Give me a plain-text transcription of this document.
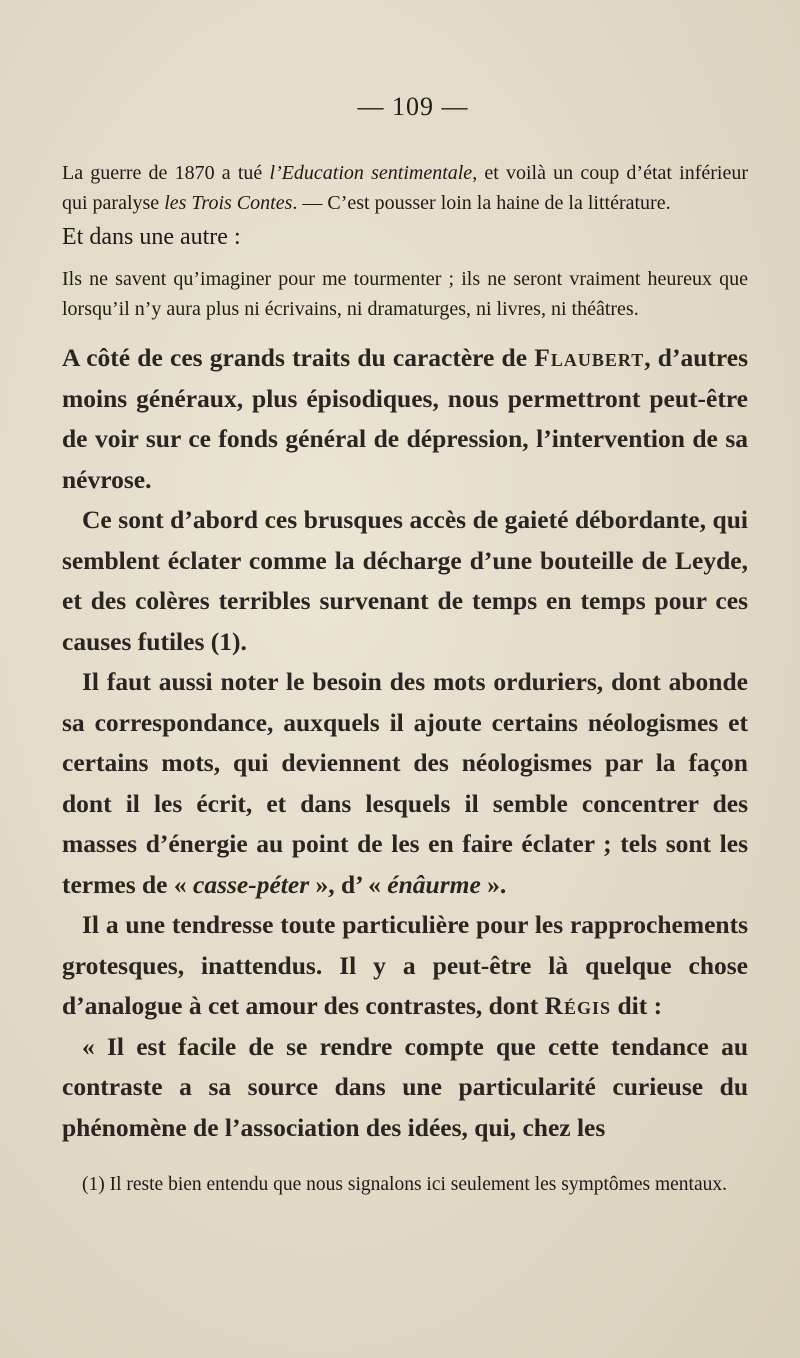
— 109 —

La guerre de 1870 a tué l’Education sentimentale, et voilà un coup d’état inférieur qui paralyse les Trois Contes. — C’est pousser loin la haine de la littérature.

Et dans une autre :

Ils ne savent qu’imaginer pour me tourmenter ; ils ne seront vraiment heureux que lorsqu’il n’y aura plus ni écrivains, ni dramaturges, ni livres, ni théâtres.

A côté de ces grands traits du caractère de Flaubert, d’autres moins généraux, plus épisodiques, nous permettront peut-être de voir sur ce fonds général de dépression, l’intervention de sa névrose.

Ce sont d’abord ces brusques accès de gaieté débordante, qui semblent éclater comme la décharge d’une bouteille de Leyde, et des colères terribles survenant de temps en temps pour ces causes futiles (1).

Il faut aussi noter le besoin des mots orduriers, dont abonde sa correspondance, auxquels il ajoute certains néologismes et certains mots, qui deviennent des néologismes par la façon dont il les écrit, et dans lesquels il semble concentrer des masses d’énergie au point de les en faire éclater ; tels sont les termes de « casse-péter », d’ « énâurme ».

Il a une tendresse toute particulière pour les rapprochements grotesques, inattendus. Il y a peut-être là quelque chose d’analogue à cet amour des contrastes, dont Régis dit :

« Il est facile de se rendre compte que cette tendance au contraste a sa source dans une particularité curieuse du phénomène de l’association des idées, qui, chez les

(1) Il reste bien entendu que nous signalons ici seulement les symptômes mentaux.
